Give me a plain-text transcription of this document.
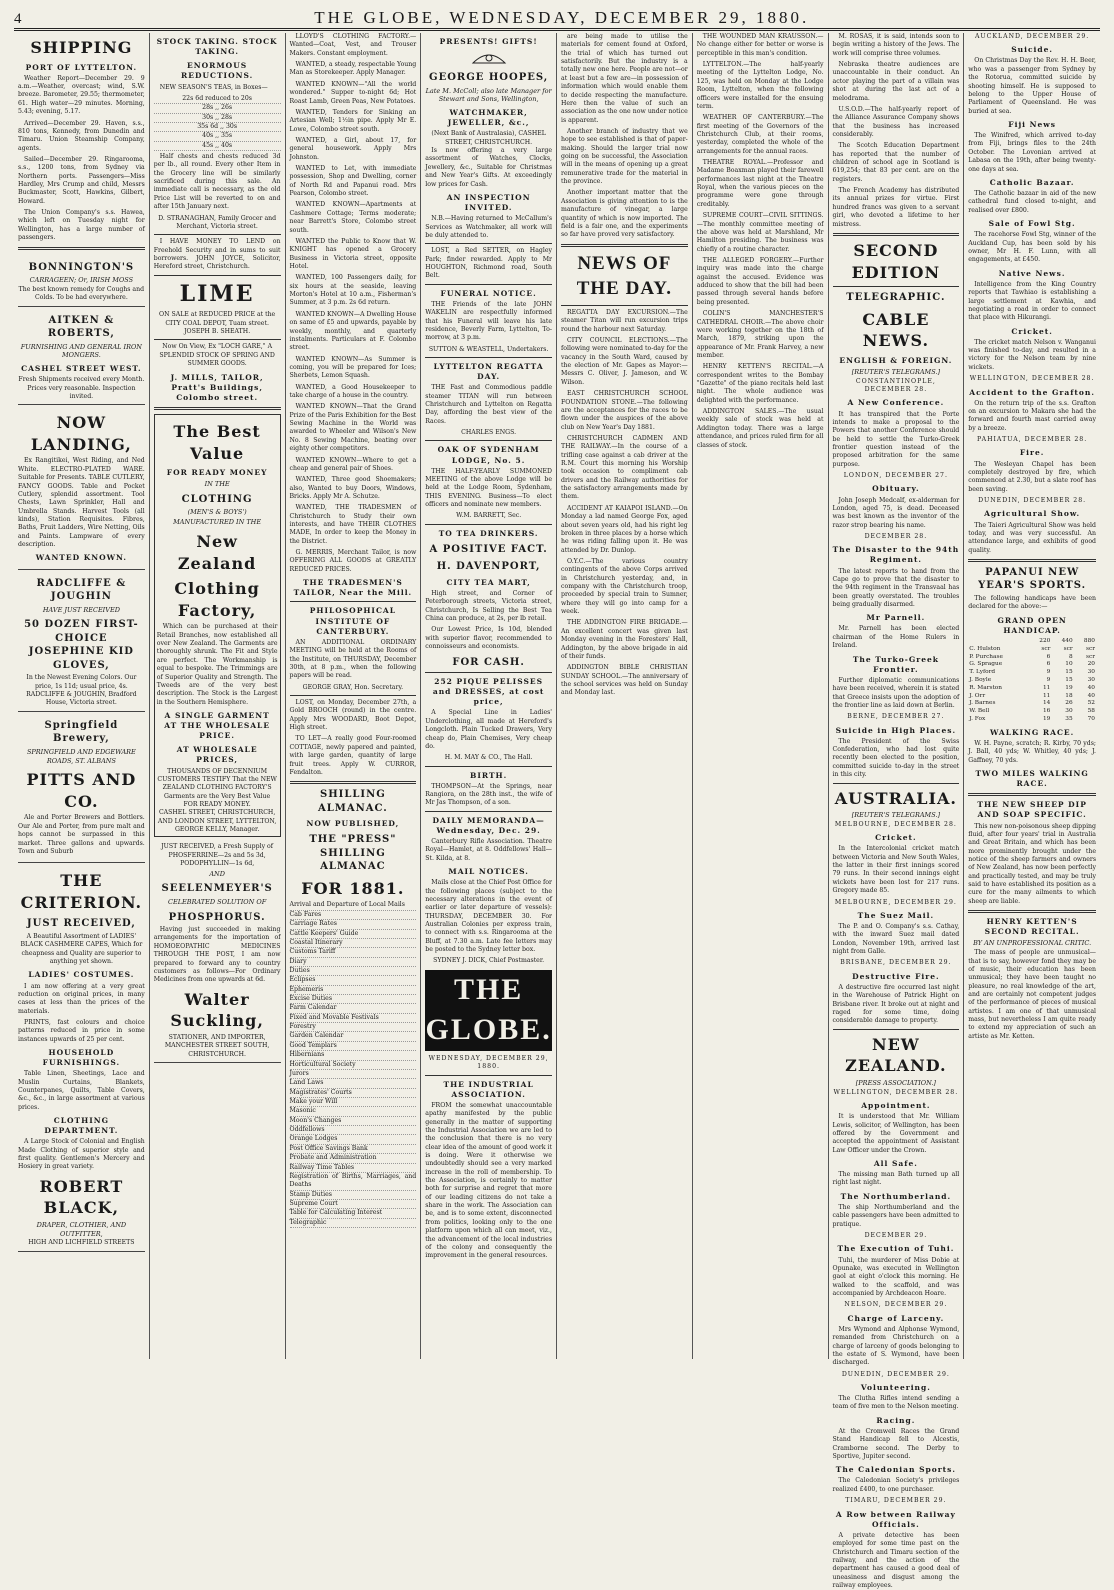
4	THE GLOBE, WEDNESDAY, DECEMBER 29, 1880.
SHIPPING
PORT OF LYTTELTON.

Weather Report—December 29. 9 a.m.—Weather, overcast; wind, S.W. breeze. Barometer, 29.55; thermometer, 61. High water—29 minutes. Morning, 5.43; evening, 5.17.

Arrived—December 29. Haven, s.s., 810 tons, Kennedy, from Dunedin and Timaru. Union Steamship Company, agents.

Sailed—December 29. Ringarooma, s.s., 1200 tons, from Sydney via Northern ports. Passengers—Miss Hardley, Mrs Crump and child, Messrs Buckmaster, Scott, Hawkins, Gilbert, Howard.

The Union Company's s.s. Hawea, which left on Tuesday night for Wellington, has a large number of passengers.

BONNINGTON'S
CARRAGEEN; Or, IRISH MOSS
The best known remedy for Coughs and Colds. To be had everywhere.
AITKEN & ROBERTS,
FURNISHING AND GENERAL IRON MONGERS.
CASHEL STREET WEST.
Fresh Shipments received every Month. Prices very reasonable. Inspection invited.
NOW LANDING,

Ex Rangitikei, West Riding, and Ned White. ELECTRO-PLATED WARE. Suitable for Presents. TABLE CUTLERY, FANCY GOODS. Table and Pocket Cutlery, splendid assortment. Tool Chests, Lawn Sprinkler, Hall and Umbrella Stands. Harvest Tools (all kinds), Station Requisites. Fibres, Baths, Fruit Ladders, Wire Netting, Oils and Paints. Lampware of every description.

WANTED KNOWN.
RADCLIFFE & JOUGHIN
HAVE JUST RECEIVED
50 DOZEN FIRST-CHOICE JOSEPHINE KID GLOVES,
In the Newest Evening Colors. Our price, 1s 11d; usual price, 4s.
RADCLIFFE & JOUGHIN, Bradford House, Victoria street.
Springfield Brewery,
SPRINGFIELD AND EDGEWARE ROADS, ST. ALBANS
PITTS AND CO.

Ale and Porter Brewers and Bottlers. Our Ale and Porter, from pure malt and hops cannot be surpassed in this market. Three gallons and upwards. Town and Suburb

THE CRITERION.
JUST RECEIVED,
A Beautiful Assortment of LADIES' BLACK CASHMERE CAPES, Which for cheapness and Quality are superior to anything yet shown.
LADIES' COSTUMES.

I am now offering at a very great reduction on original prices, in many cases at less than the prices of the materials.

PRINTS, fast colours and choice patterns reduced in price in some instances upwards of 25 per cent.

HOUSEHOLD FURNISHINGS.

Table Linen, Sheetings, Lace and Muslin Curtains, Blankets, Counterpanes, Quilts, Table Covers, &c., &c., in large assortment at various prices.

CLOTHING DEPARTMENT.

A Large Stock of Colonial and English Made Clothing of superior style and first quality. Gentlemen's Mercery and Hosiery in great variety.

ROBERT BLACK,
DRAPER, CLOTHIER, AND OUTFITTER,
HIGH AND LICHFIELD STREETS
STOCK TAKING. STOCK TAKING.
ENORMOUS REDUCTIONS.

NEW SEASON'S TEAS, in Boxes—

22s 6d reduced to 20s
28s ,, 26s
30s ,, 28s
35s 6d ,, 30s
40s ,, 35s
45s ,, 40s

Half chests and chests reduced 3d per lb., all round. Every other Item in the Grocery line will be similarly sacrificed during this sale. An immediate call is necessary, as the old Price List will be reverted to on and after 15th January next.

D. STRANAGHAN, Family Grocer and Merchant, Victoria street.

I HAVE MONEY TO LEND on Freehold Security and in sums to suit borrowers. JOHN JOYCE, Solicitor, Hereford street, Christchurch.

LIME
ON SALE at REDUCED PRICE at the CITY COAL DEPOT, Tuam street. JOSEPH B. SHEATH.
Now On View, Ex "LOCH GARE," A SPLENDID STOCK OF SPRING AND SUMMER GOODS.
J. MILLS, TAILOR, Pratt's Buildings, Colombo street.
The Best Value
FOR READY MONEY
IN THE
CLOTHING
(MEN'S & BOYS')
MANUFACTURED IN THE
New Zealand
Clothing Factory,

Which can be purchased at their Retail Branches, now established all over New Zealand. The Garments are thoroughly shrunk. The Fit and Style are perfect. The Workmanship is equal to bespoke. The Trimmings are of Superior Quality and Strength. The Tweeds are of the very best description. The Stock is the Largest in the Southern Hemisphere.

A SINGLE GARMENT AT THE WHOLESALE PRICE.
AT WHOLESALE PRICES,
THOUSANDS OF DECENNIUM CUSTOMERS TESTIFY That the NEW ZEALAND CLOTHING FACTORY'S Garments are the Very Best Value FOR READY MONEY.
CASHEL STREET, CHRISTCHURCH, AND LONDON STREET, LYTTELTON, GEORGE KELLY, Manager.
JUST RECEIVED, a Fresh Supply of
PHOSFERRINE—2s and 5s 3d, PODOPHYLLIN—1s 6d,
AND
SEELENMEYER'S
CELEBRATED SOLUTION OF
PHOSPHORUS.

Having just succeeded in making arrangements for the importation of HOMOEOPATHIC MEDICINES THROUGH THE POST, I am now prepared to forward any to country customers as follows—For Ordinary Medicines from one upwards at 6d.

Walter Suckling,
STATIONER, AND IMPORTER, MANCHESTER STREET SOUTH, CHRISTCHURCH.

LLOYD'S CLOTHING FACTORY.—Wanted—Coat, Vest, and Trouser Makers. Constant employment.

WANTED, a steady, respectable Young Man as Storekeeper. Apply Manager.

WANTED KNOWN—"All the world wondered." Supper to-night 6d; Hot Roast Lamb, Green Peas, New Potatoes.

WANTED, Tenders for Sinking an Artesian Well; 1½in pipe. Apply Mr E. Lowe, Colombo street south.

WANTED, a Girl, about 17, for general housework. Apply Mrs Johnston.

WANTED to Let, with immediate possession, Shop and Dwelling, corner of North Rd and Papanui road. Mrs Pearson, Colombo street.

WANTED KNOWN—Apartments at Cashmere Cottage; Terms moderate; near Barrett's Store, Colombo street south.

WANTED the Public to Know that W. KNIGHT has opened a Grocery Business in Victoria street, opposite Hotel.

WANTED, 100 Passengers daily, for six hours at the seaside, leaving Morton's Hotel at 10 a.m., Fisherman's Summer, at 3 p.m. 2s 6d return.

WANTED KNOWN—A Dwelling House on same of £5 and upwards, payable by weekly, monthly, and quarterly instalments. Particulars at F. Colombo street.

WANTED KNOWN—As Summer is coming, you will be prepared for Ices; Sherbets, Lemon Squash.

WANTED, a Good Housekeeper to take charge of a house in the country.

WANTED KNOWN—That the Grand Prize of the Paris Exhibition for the Best Sewing Machine in the World was awarded to Wheeler and Wilson's New No. 8 Sewing Machine, beating over eighty other competitors.

WANTED KNOWN—Where to get a cheap and general pair of Shoes.

WANTED, Three good Shoemakers; also, Wanted to buy Doors, Windows, Bricks. Apply Mr A. Schutze.

WANTED, THE TRADESMEN of Christchurch to Study their own interests, and have THEIR CLOTHES MADE, In order to keep the Money in the District.

G. MERRIS, Merchant Tailor, is now OFFERING ALL GOODS at GREATLY REDUCED PRICES.

THE TRADESMEN'S TAILOR, Near the Mill.
PHILOSOPHICAL INSTITUTE OF CANTERBURY.

AN ADDITIONAL ORDINARY MEETING will be held at the Rooms of the Institute, on THURSDAY, December 30th, at 8 p.m., when the following papers will be read.

GEORGE GRAY, Hon. Secretary.

LOST, on Monday, December 27th, a Gold BROOCH (round) in the centre. Apply Mrs WOODARD, Boot Depot, High street.

TO LET—A really good Four-roomed COTTAGE, newly papered and painted, with large garden, quantity of large fruit trees. Apply W. CURROR, Fendalton.

SHILLING ALMANAC.
NOW PUBLISHED,
THE "PRESS" SHILLING ALMANAC
FOR 1881.
Arrival and Departure of Local Mails
Cab Fares
Carriage Rates
Cattle Keepers' Guide
Coastal Itinerary
Customs Tariff
Diary
Duties
Eclipses
Ephemeris
Excise Duties
Farm Calendar
Fixed and Movable Festivals
Forestry
Garden Calendar
Good Templars
Hibernians
Horticultural Society
Jurors
Land Laws
Magistrates' Courts
Make your Will
Masonic
Moon's Changes
Oddfellows
Orange Lodges
Post Office Savings Bank
Probate and Administration
Railway Time Tables
Registration of Births, Marriages, and Deaths
Stamp Duties
Supreme Court
Table for Calculating Interest
Telegraphic
PRESENTS! GIFTS!
GEORGE HOOPES,
Late M. McColl; also late Manager for Stewart and Sons, Wellington,
WATCHMAKER, JEWELLER, &c.,
(Next Bank of Australasia), CASHEL STREET, CHRISTCHURCH.

Is now offering a very large assortment of Watches, Clocks, Jewellery, &c., Suitable for Christmas and New Year's Gifts. At exceedingly low prices for Cash.

AN INSPECTION INVITED.

N.B.—Having returned to McCallum's Services as Watchmaker, all work will be duly attended to.

LOST, a Red SETTER, on Hagley Park; finder rewarded. Apply to Mr HOUGHTON, Richmond road, South Belt.

FUNERAL NOTICE.

THE Friends of the late JOHN WAKELIN are respectfully informed that his Funeral will leave his late residence, Beverly Farm, Lyttelton, To-morrow, at 3 p.m.

SUTTON & WEASTELL, Undertakers.
LYTTELTON REGATTA DAY.

THE Fast and Commodious paddle steamer TITAN will run between Christchurch and Lyttelton on Regatta Day, affording the best view of the Races.

CHARLES ENGS.
OAK OF SYDENHAM LODGE, No. 5.

THE HALF-YEARLY SUMMONED MEETING of the above Lodge will be held at the Lodge Room, Sydenham, THIS EVENING. Business—To elect officers and nominate new members.

W.M. BARRETT, Sec.
TO TEA DRINKERS.
A POSITIVE FACT.
H. DAVENPORT,
CITY TEA MART,

High street, and Corner of Peterborough streets, Victoria street, Christchurch, Is Selling the Best Tea China can produce, at 2s, per lb retail.

Our Lowest Price, Is 10d, blended with superior flavor, recommended to connoisseurs and economists.

FOR CASH.
252 PIQUE PELISSES and DRESSES, at cost price,

A Special Line in Ladies' Underclothing, all made at Hereford's Longcloth. Plain Tucked Drawers, Very cheap do, Plain Chemises, Very cheap do.

H. M. MAY & CO., The Hall.
BIRTH.

THOMPSON—At the Springs, near Rangiora, on the 28th inst., the wife of Mr Jas Thompson, of a son.

DAILY MEMORANDA—Wednesday, Dec. 29.

Canterbury Rifle Association. Theatre Royal—Hamlet, at 8. Oddfellows' Hall—St. Kilda, at 8.

MAIL NOTICES.

Mails close at the Chief Post Office for the following places (subject to the necessary alterations in the event of earlier or later departure of vessels): THURSDAY, DECEMBER 30. For Australian Colonies per express train, to connect with s.s. Ringarooma at the Bluff, at 7.30 a.m. Late fee letters may be posted to the Sydney letter box.

SYDNEY J. DICK, Chief Postmaster.
THE GLOBE.
WEDNESDAY, DECEMBER 29, 1880.
THE INDUSTRIAL ASSOCIATION.

FROM the somewhat unaccountable apathy manifested by the public generally in the matter of supporting the Industrial Association we are led to the conclusion that there is no very clear idea of the amount of good work it is doing. Were it otherwise we undoubtedly should see a very marked increase in the roll of membership. To the Association, is certainly to matter both for surprise and regret that more of our leading citizens do not take a share in the work. The Association can be, and is to some extent, disconnected from politics, looking only to the one platform upon which all can meet, viz., the advancement of the local industries of the colony and consequently the improvement in the general resources.

are being made to utilise the materials for cement found at Oxford, the trial of which has turned out satisfactorily. But the industry is a totally new one here. People are not—or at least but a few are—in possession of information which would enable them to decide respecting the manufacture. Here then the value of such an association as the one now under notice is apparent.

Another branch of industry that we hope to see established is that of paper-making. Should the larger trial now going on be successful, the Association will in the means of opening up a great remunerative trade for the material in the province.

Another important matter that the Association is giving attention to is the manufacture of vinegar, a large quantity of which is now imported. The field is a fair one, and the experiments so far have proved very satisfactory.

NEWS OF THE DAY.

REGATTA DAY EXCURSION.—The steamer Titan will run excursion trips round the harbour next Saturday.

CITY COUNCIL ELECTIONS.—The following were nominated to-day for the vacancy in the South Ward, caused by the election of Mr. Gapes as Mayor:—Messrs C. Oliver, J. Jameson, and W. Wilson.

EAST CHRISTCHURCH SCHOOL FOUNDATION STONE.—The following are the acceptances for the races to be flown under the auspices of the above club on New Year's Day 1881.

CHRISTCHURCH CADMEN AND THE RAILWAY.—In the course of a trifling case against a cab driver at the R.M. Court this morning his Worship took occasion to compliment cab drivers and the Railway authorities for the satisfactory arrangements made by them.

ACCIDENT AT KAIAPOI ISLAND.—On Monday a lad named George Fox, aged about seven years old, had his right leg broken in three places by a horse which he was riding falling upon it. He was attended by Dr. Dunlop.

O.Y.C.—The various country contingents of the above Corps arrived in Christchurch yesterday, and, in company with the Christchurch troop, proceeded by special train to Sumner, where they will go into camp for a week.

THE ADDINGTON FIRE BRIGADE.—An excellent concert was given last Monday evening in the Foresters' Hall, Addington, by the above brigade in aid of their funds.

ADDINGTON BIBLE CHRISTIAN SUNDAY SCHOOL.—The anniversary of the school services was held on Sunday and Monday last.

THE WOUNDED MAN KRAUSSON.—No change either for better or worse is perceptible in this man's condition.

LYTTELTON.—The half-yearly meeting of the Lyttelton Lodge, No. 125, was held on Monday at the Lodge Room, Lyttelton, when the following officers were installed for the ensuing term.

WEATHER OF CANTERBURY.—The first meeting of the Governors of the Christchurch Club, at their rooms, yesterday, completed the whole of the arrangements for the annual races.

THEATRE ROYAL.—Professor and Madame Boaxman played their farewell performances last night at the Theatre Royal, when the various pieces on the programme were gone through creditably.

SUPREME COURT—CIVIL SITTINGS.—The monthly committee meeting of the above was held at Marshland, Mr Hamilton presiding. The business was chiefly of a routine character.

THE ALLEGED FORGERY.—Further inquiry was made into the charge against the accused. Evidence was adduced to show that the bill had been passed through several hands before being presented.

COLIN'S MANCHESTER'S CATHEDRAL CHOIR.—The above choir were working together on the 18th of March, 1879, striking upon the appearance of Mr. Frank Harvey, a new member.

HENRY KETTEN'S RECITAL.—A correspondent writes to the Bombay "Gazette" of the piano recitals held last night. The whole audience was delighted with the performance.

ADDINGTON SALES.—The usual weekly sale of stock was held at Addington today. There was a large attendance, and prices ruled firm for all classes of stock.

M. ROSAS, it is said, intends soon to begin writing a history of the Jews. The work will comprise three volumes.

Nebraska theatre audiences are unaccountable in their conduct. An actor playing the part of a villain was shot at during the last act of a melodrama.

U.S.O.D.—The half-yearly report of the Alliance Assurance Company shows that the business has increased considerably.

The Scotch Education Department has reported that the number of children of school age in Scotland is 619,254; that 83 per cent. are on the registers.

The French Academy has distributed its annual prizes for virtue. First hundred francs was given to a servant girl, who devoted a lifetime to her mistress.

SECOND EDITION
TELEGRAPHIC.
CABLE NEWS.
ENGLISH & FOREIGN.
[REUTER'S TELEGRAMS.]
CONSTANTINOPLE, DECEMBER 28.
A New Conference.

It has transpired that the Porte intends to make a proposal to the Powers that another Conference should be held to settle the Turko-Greek frontier question instead of the proposed arbitration for the same purpose.

LONDON, DECEMBER 27.
Obituary.

John Joseph Medcalf, ex-alderman for London, aged 75, is dead. Deceased was best known as the inventor of the razor strop bearing his name.

DECEMBER 28.
The Disaster to the 94th Regiment.

The latest reports to hand from the Cape go to prove that the disaster to the 94th regiment in the Transvaal has been greatly overstated. The troubles being gradually disarmed.

Mr Parnell.

Mr. Parnell has been elected chairman of the Home Rulers in Ireland.

The Turko-Greek Frontier.

Further diplomatic communications have been received, wherein it is stated that Greece insists upon the adoption of the frontier line as laid down at Berlin.

BERNE, DECEMBER 27.
Suicide in High Places.

The President of the Swiss Confederation, who had lost quite recently been elected to the position, committed suicide to-day in the street in this city.

AUSTRALIA.
[REUTER'S TELEGRAMS.]
MELBOURNE, DECEMBER 28.
Cricket.

In the Intercolonial cricket match between Victoria and New South Wales, the latter in their first innings scored 79 runs. In their second innings eight wickets have been lost for 217 runs. Gregory made 85.

MELBOURNE, DECEMBER 29.
The Suez Mail.

The P. and O. Company's s.s. Cathay, with the inward Suez mail dated London, November 19th, arrived last night from Galle.

BRISBANE, DECEMBER 29.
Destructive Fire.

A destructive fire occurred last night in the Warehouse of Patrick Hight on Brisbane river. It broke out at night and raged for some time, doing considerable damage to property.

NEW ZEALAND.
[PRESS ASSOCIATION.]
WELLINGTON, DECEMBER 28.
Appointment.

It is understood that Mr. William Lewis, solicitor, of Wellington, has been offered by the Government and accepted the appointment of Assistant Law Officer under the Crown.

All Safe.

The missing man Bath turned up all right last night.

The Northumberland.

The ship Northumberland and the cable passengers have been admitted to pratique.

DECEMBER 29.
The Execution of Tuhi.

Tuhi, the murderer of Miss Dobie at Opunake, was executed in Wellington gaol at eight o'clock this morning. He walked to the scaffold, and was accompanied by Archdeacon Hoare.

NELSON, DECEMBER 29.
Charge of Larceny.

Mrs Wymond and Alphonse Wymond, remanded from Christchurch on a charge of larceny of goods belonging to the estate of S. Wymond, have been discharged.

DUNEDIN, DECEMBER 29.
Volunteering.

The Clutha Rifles intend sending a team of five men to the Nelson meeting.

Racing.

At the Cromwell Races the Grand Stand Handicap fell to Alcestis, Cramborne second. The Derby to Sportive, Jupiter second.

The Caledonian Sports.

The Caledonian Society's privileges realized £400, to one purchaser.

TIMARU, DECEMBER 29.
A Row between Railway Officials.

A private detective has been employed for some time past on the Christchurch and Timaru section of the railway, and the action of the department has caused a good deal of uneasiness and disgust among the railway employees.

AUCKLAND, DECEMBER 29.
Suicide.

On Christmas Day the Rev. H. H. Beer, who was a passenger from Sydney by the Rotorua, committed suicide by shooting himself. He is supposed to belong to the Upper House of Parliament of Queensland. He was buried at sea.

Fiji News

The Winifred, which arrived to-day from Fiji, brings files to the 24th October. The Lovonian arrived at Labasa on the 19th, after being twenty-one days at sea.

Catholic Bazaar.

The Catholic bazaar in aid of the new cathedral fund closed to-night, and realised over £800.

Sale of Fowl Stg.

The racehorse Fowl Stg, winner of the Auckland Cup, has been sold by his owner, Mr H. F. Lunn, with all engagements, at £450.

Native News.

Intelligence from the King Country reports that Tawhiao is establishing a large settlement at Kawhia, and negotiating a road in order to connect that place with Hikurangi.

Cricket.

The cricket match Nelson v. Wanganui was finished to-day, and resulted in a victory for the Nelson team by nine wickets.

WELLINGTON, DECEMBER 28.
Accident to the Grafton.

On the return trip of the s.s. Grafton on an excursion to Makara she had the forward and fourth mast carried away by a breeze.

PAHIATUA, DECEMBER 28.
Fire.

The Wesleyan Chapel has been completely destroyed by fire, which commenced at 2.30, but a slate roof has been saving.

DUNEDIN, DECEMBER 28.
Agricultural Show.

The Taieri Agricultural Show was held today, and was very successful. An attendance large, and exhibits of good quality.

PAPANUI NEW YEAR'S SPORTS.

The following handicaps have been declared for the above:—

GRAND OPEN HANDICAP.
	220	440	880
C. Hulston	scr	scr	scr
P. Purchase	6	8	scr
G. Sprague	6	10	20
T. Lyford	9	15	30
J. Boyle	9	15	30
R. Marston	11	19	40
J. Orr	11	18	40
J. Barnes	14	26	52
W. Bell	16	30	58
J. Fox	19	35	70
WALKING RACE.

W. H. Payne, scratch; R. Kirby, 70 yds; J. Ball, 40 yds; W. Whitley, 40 yds; J. Gaffney, 70 yds.

TWO MILES WALKING RACE.
THE NEW SHEEP DIP AND SOAP SPECIFIC.

This new non-poisonous sheep dipping fluid, after four years' trial in Australia and Great Britain, and which has been more prominently brought under the notice of the sheep farmers and owners of New Zealand, has now been perfectly and practically tested, and may be truly said to have established its position as a cure for the many ailments to which sheep are liable.

HENRY KETTEN'S SECOND RECITAL.
BY AN UNPROFESSIONAL CRITIC.

The mass of people are unmusical—that is to say, however fond they may be of music, their education has been unmusical; they have been taught no pleasure, no real knowledge of the art, and are certainly not competent judges of the performance of pieces of musical artistes. I am one of that unmusical mass, but nevertheless I am quite ready to extend my appreciation of such an artiste as Mr. Ketten.
